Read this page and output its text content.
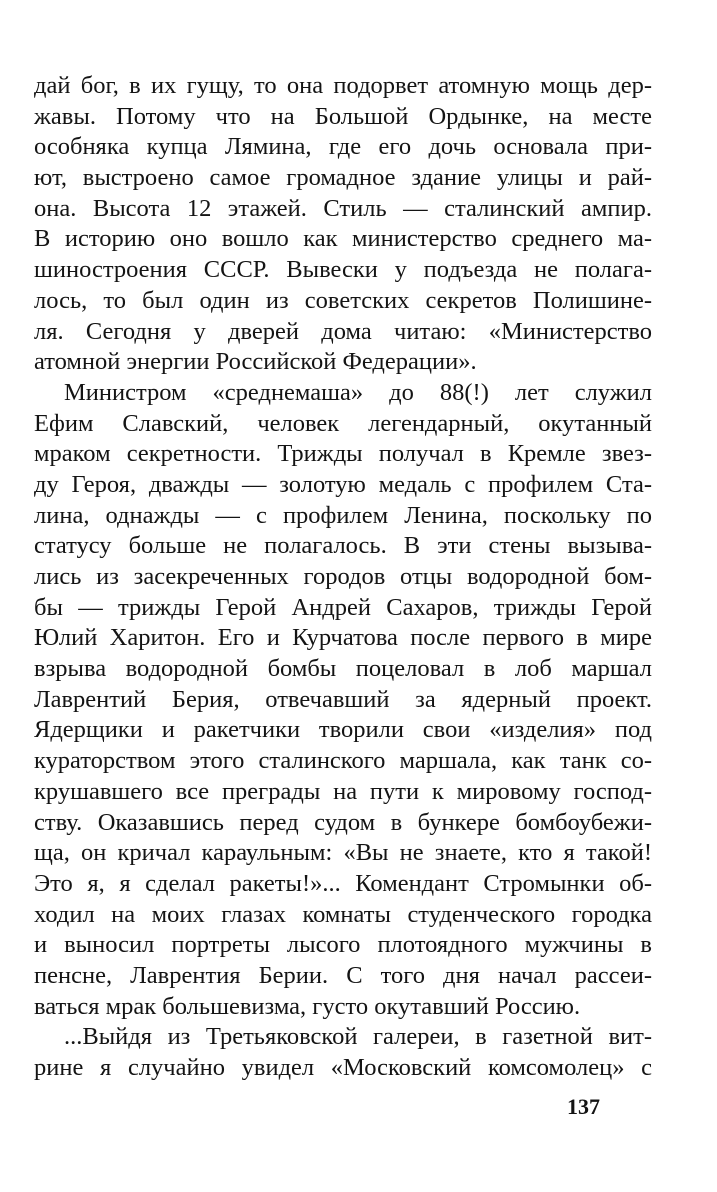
дай бог, в их гущу, то она подорвет атомную мощь дер-
жавы. Потому что на Большой Ордынке, на месте
особняка купца Лямина, где его дочь основала при-
ют, выстроено самое громадное здание улицы и рай-
она. Высота 12 этажей. Стиль — сталинский ампир.
В историю оно вошло как министерство среднего ма-
шиностроения СССР. Вывески у подъезда не полага-
лось, то был один из советских секретов Полишине-
ля. Сегодня у дверей дома читаю: «Министерство
атомной энергии Российской Федерации».
Министром «среднемаша» до 88(!) лет служил
Ефим Славский, человек легендарный, окутанный
мраком секретности. Трижды получал в Кремле звез-
ду Героя, дважды — золотую медаль с профилем Ста-
лина, однажды — с профилем Ленина, поскольку по
статусу больше не полагалось. В эти стены вызыва-
лись из засекреченных городов отцы водородной бом-
бы — трижды Герой Андрей Сахаров, трижды Герой
Юлий Харитон. Его и Курчатова после первого в мире
взрыва водородной бомбы поцеловал в лоб маршал
Лаврентий Берия, отвечавший за ядерный проект.
Ядерщики и ракетчики творили свои «изделия» под
кураторством этого сталинского маршала, как танк со-
крушавшего все преграды на пути к мировому господ-
ству. Оказавшись перед судом в бункере бомбоубежи-
ща, он кричал караульным: «Вы не знаете, кто я такой!
Это я, я сделал ракеты!»... Комендант Стромынки об-
ходил на моих глазах комнаты студенческого городка
и выносил портреты лысого плотоядного мужчины в
пенсне, Лаврентия Берии. С того дня начал рассеи-
ваться мрак большевизма, густо окутавший Россию.
...Выйдя из Третьяковской галереи, в газетной вит-
рине я случайно увидел «Московский комсомолец» с
137
